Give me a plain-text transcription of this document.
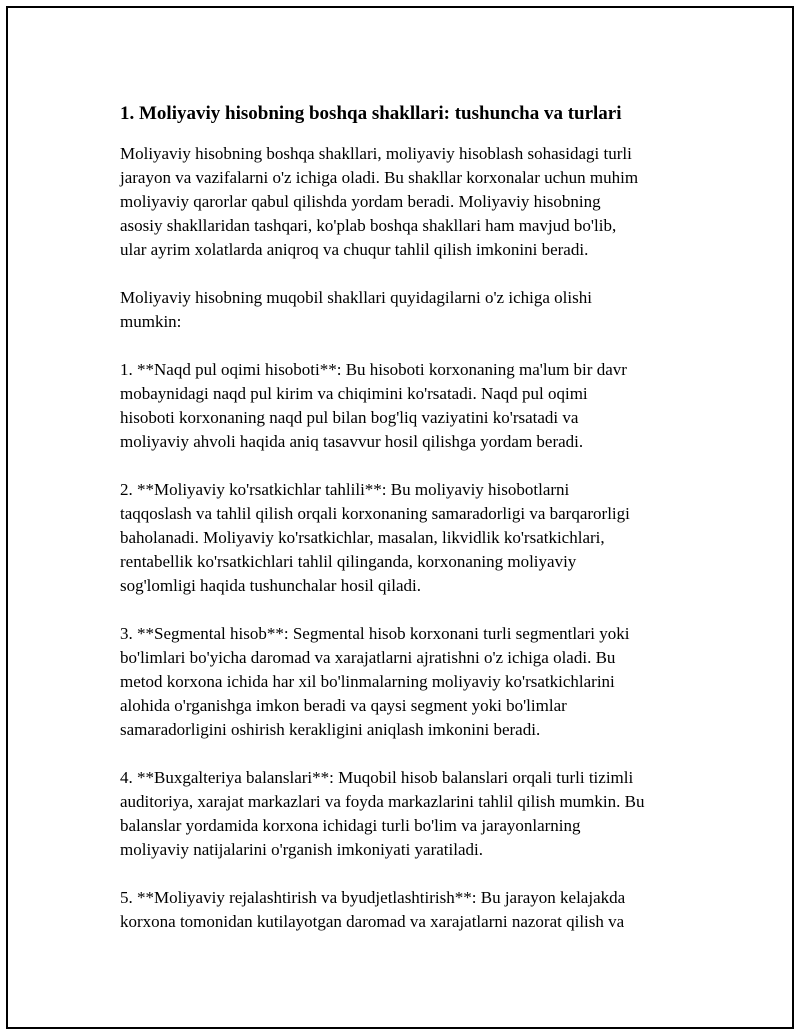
1. Moliyaviy hisobning boshqa shakllari: tushuncha va turlari

Moliyaviy hisobning boshqa shakllari, moliyaviy hisoblash sohasidagi turli
jarayon va vazifalarni o'z ichiga oladi. Bu shakllar korxonalar uchun muhim
moliyaviy qarorlar qabul qilishda yordam beradi. Moliyaviy hisobning
asosiy shakllaridan tashqari, ko'plab boshqa shakllari ham mavjud bo'lib,
ular ayrim xolatlarda aniqroq va chuqur tahlil qilish imkonini beradi.

Moliyaviy hisobning muqobil shakllari quyidagilarni o'z ichiga olishi
mumkin:

1. **Naqd pul oqimi hisoboti**: Bu hisoboti korxonaning ma'lum bir davr
mobaynidagi naqd pul kirim va chiqimini ko'rsatadi. Naqd pul oqimi
hisoboti korxonaning naqd pul bilan bog'liq vaziyatini ko'rsatadi va
moliyaviy ahvoli haqida aniq tasavvur hosil qilishga yordam beradi.

2. **Moliyaviy ko'rsatkichlar tahlili**: Bu moliyaviy hisobotlarni
taqqoslash va tahlil qilish orqali korxonaning samaradorligi va barqarorligi
baholanadi. Moliyaviy ko'rsatkichlar, masalan, likvidlik ko'rsatkichlari,
rentabellik ko'rsatkichlari tahlil qilinganda, korxonaning moliyaviy
sog'lomligi haqida tushunchalar hosil qiladi.

3. **Segmental hisob**: Segmental hisob korxonani turli segmentlari yoki
bo'limlari bo'yicha daromad va xarajatlarni ajratishni o'z ichiga oladi. Bu
metod korxona ichida har xil bo'linmalarning moliyaviy ko'rsatkichlarini
alohida o'rganishga imkon beradi va qaysi segment yoki bo'limlar
samaradorligini oshirish kerakligini aniqlash imkonini beradi.

4. **Buxgalteriya balanslari**: Muqobil hisob balanslari orqali turli tizimli
auditoriya, xarajat markazlari va foyda markazlarini tahlil qilish mumkin. Bu
balanslar yordamida korxona ichidagi turli bo'lim va jarayonlarning
moliyaviy natijalarini o'rganish imkoniyati yaratiladi.

5. **Moliyaviy rejalashtirish va byudjetlashtirish**: Bu jarayon kelajakda
korxona tomonidan kutilayotgan daromad va xarajatlarni nazorat qilish va
